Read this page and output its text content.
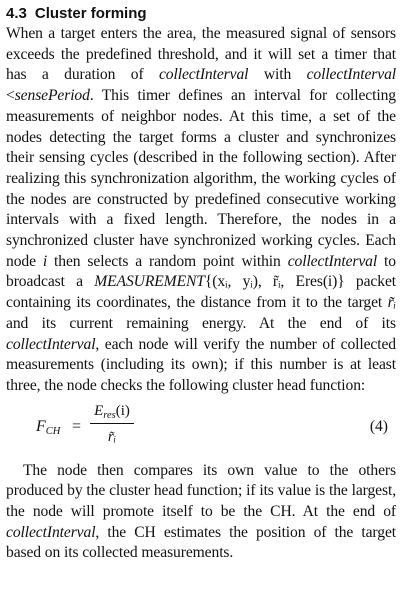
4.3 Cluster forming

When a target enters the area, the measured signal of sensors exceeds the predefined threshold, and it will set a timer that has a duration of collectInterval with collectInterval <sensePeriod. This timer defines an interval for collecting measurements of neighbor nodes. At this time, a set of the nodes detecting the target forms a cluster and synchronizes their sensing cycles (described in the following section). After realizing this synchronization algorithm, the working cycles of the nodes are constructed by predefined consecutive working intervals with a fixed length. Therefore, the nodes in a synchronized cluster have synchronized working cycles. Each node i then selects a random point within collectInterval to broadcast a MEASUREMENT{(xᵢ, yᵢ), r̃ᵢ, Eres(i)} packet containing its coordinates, the distance from it to the target r̃ᵢ and its current remaining energy. At the end of its collectInterval, each node will verify the number of collected measurements (including its own); if this number is at least three, the node checks the following cluster head function:

$F_{CH}$ =
$E_{res}(i)$
r̃ᵢ
(4)

The node then compares its own value to the others produced by the cluster head function; if its value is the largest, the node will promote itself to be the CH. At the end of collectInterval, the CH estimates the position of the target based on its collected measurements.
